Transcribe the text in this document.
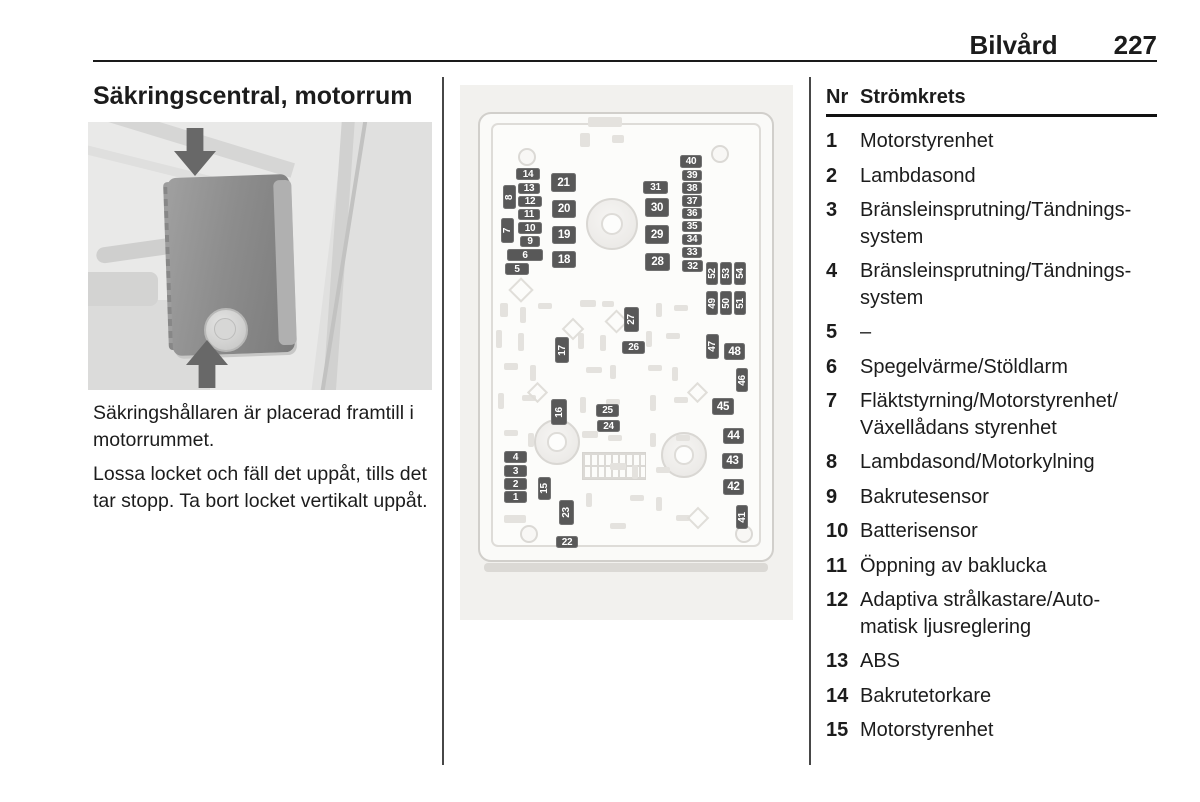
Bilvård 227
Säkringscentral, motorrum

Säkringshållaren är placerad framtill i motorrummet.

Lossa locket och fäll det uppåt, tills det tar stopp. Ta bort locket vertikalt uppåt.

14
13
12
11
10
9
6
5
8
7
21
20
19
18
31
30
29
28
40
39
38
37
36
35
34
33
32
52 53 54
49 50 51
27
26
17	47 48
46
16	25
24
45
44
43
42
41
4
3
2
1
15
23
22
Nr Strömkrets
1	Motorstyrenhet
2	Lambdasond
3	Bränsleinsprutning/Tändnings-
system
4	Bränsleinsprutning/Tändnings-
system
5	–
6	Spegelvärme/Stöldlarm
7	Fläktstyrning/Motorstyrenhet/
Växellådans styrenhet
8	Lambdasond/Motorkylning
9	Bakrutesensor
10 Batterisensor
11 Öppning av baklucka
12 Adaptiva strålkastare/Auto-
matisk ljusreglering
13 ABS
14 Bakrutetorkare
15 Motorstyrenhet
